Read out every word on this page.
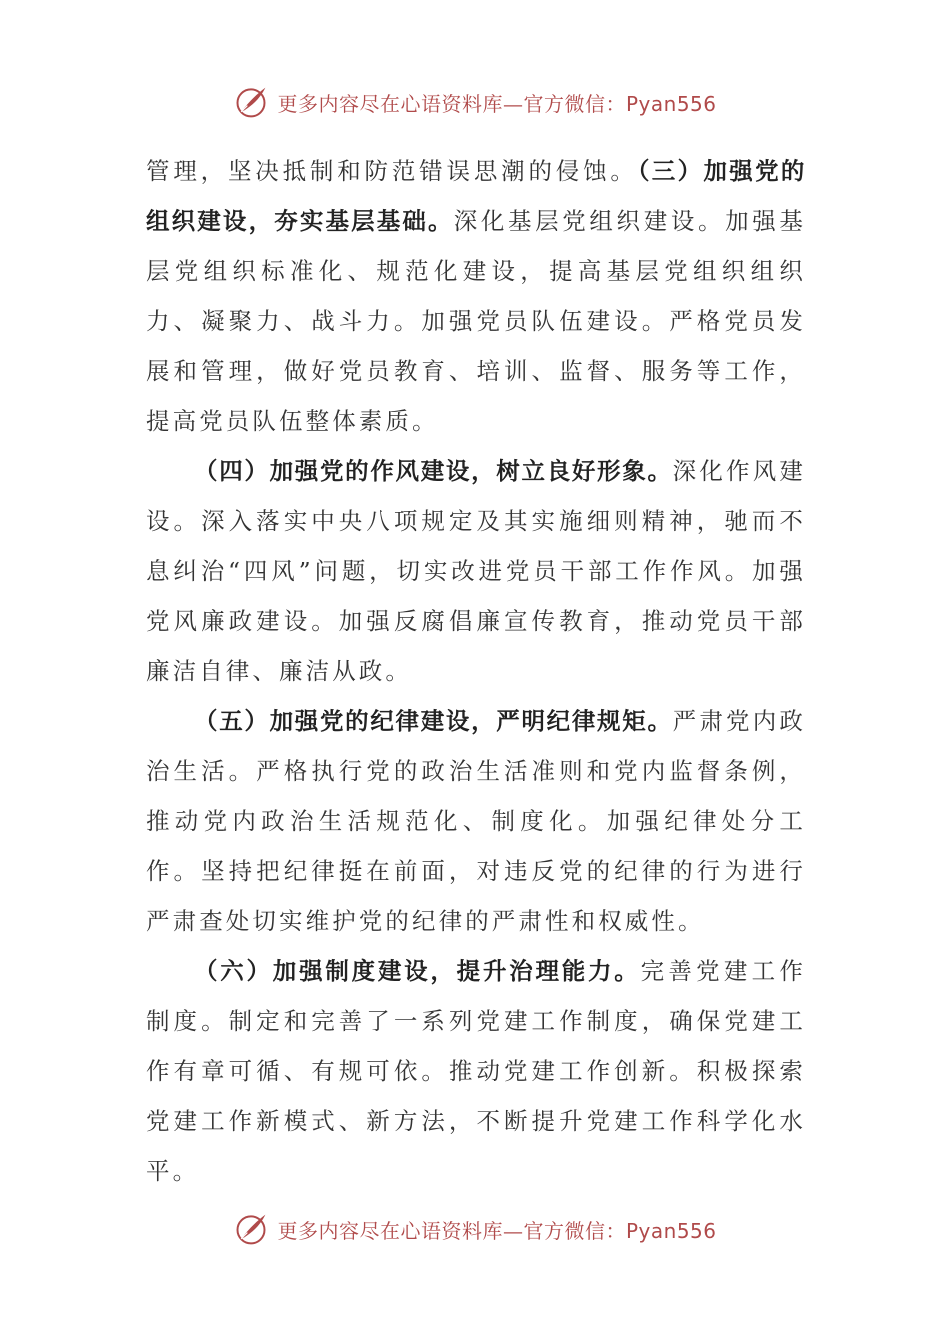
更多内容尽在心语资料库—官方微信：Pyan556

管理，坚决抵制和防范错误思潮的侵蚀。（三）加强党的组织建设，夯实基层基础。深化基层党组织建设。加强基层党组织标准化、规范化建设，提高基层党组织组织力、凝聚力、战斗力。加强党员队伍建设。严格党员发展和管理，做好党员教育、培训、监督、服务等工作，提高党员队伍整体素质。

（四）加强党的作风建设，树立良好形象。深化作风建设。深入落实中央八项规定及其实施细则精神，驰而不息纠治“四风”问题，切实改进党员干部工作作风。加强党风廉政建设。加强反腐倡廉宣传教育，推动党员干部廉洁自律、廉洁从政。

（五）加强党的纪律建设，严明纪律规矩。严肃党内政治生活。严格执行党的政治生活准则和党内监督条例，推动党内政治生活规范化、制度化。加强纪律处分工作。坚持把纪律挺在前面，对违反党的纪律的行为进行严肃查处切实维护党的纪律的严肃性和权威性。

（六）加强制度建设，提升治理能力。完善党建工作制度。制定和完善了一系列党建工作制度，确保党建工作有章可循、有规可依。推动党建工作创新。积极探索党建工作新模式、新方法，不断提升党建工作科学化水平。

更多内容尽在心语资料库—官方微信：Pyan556
